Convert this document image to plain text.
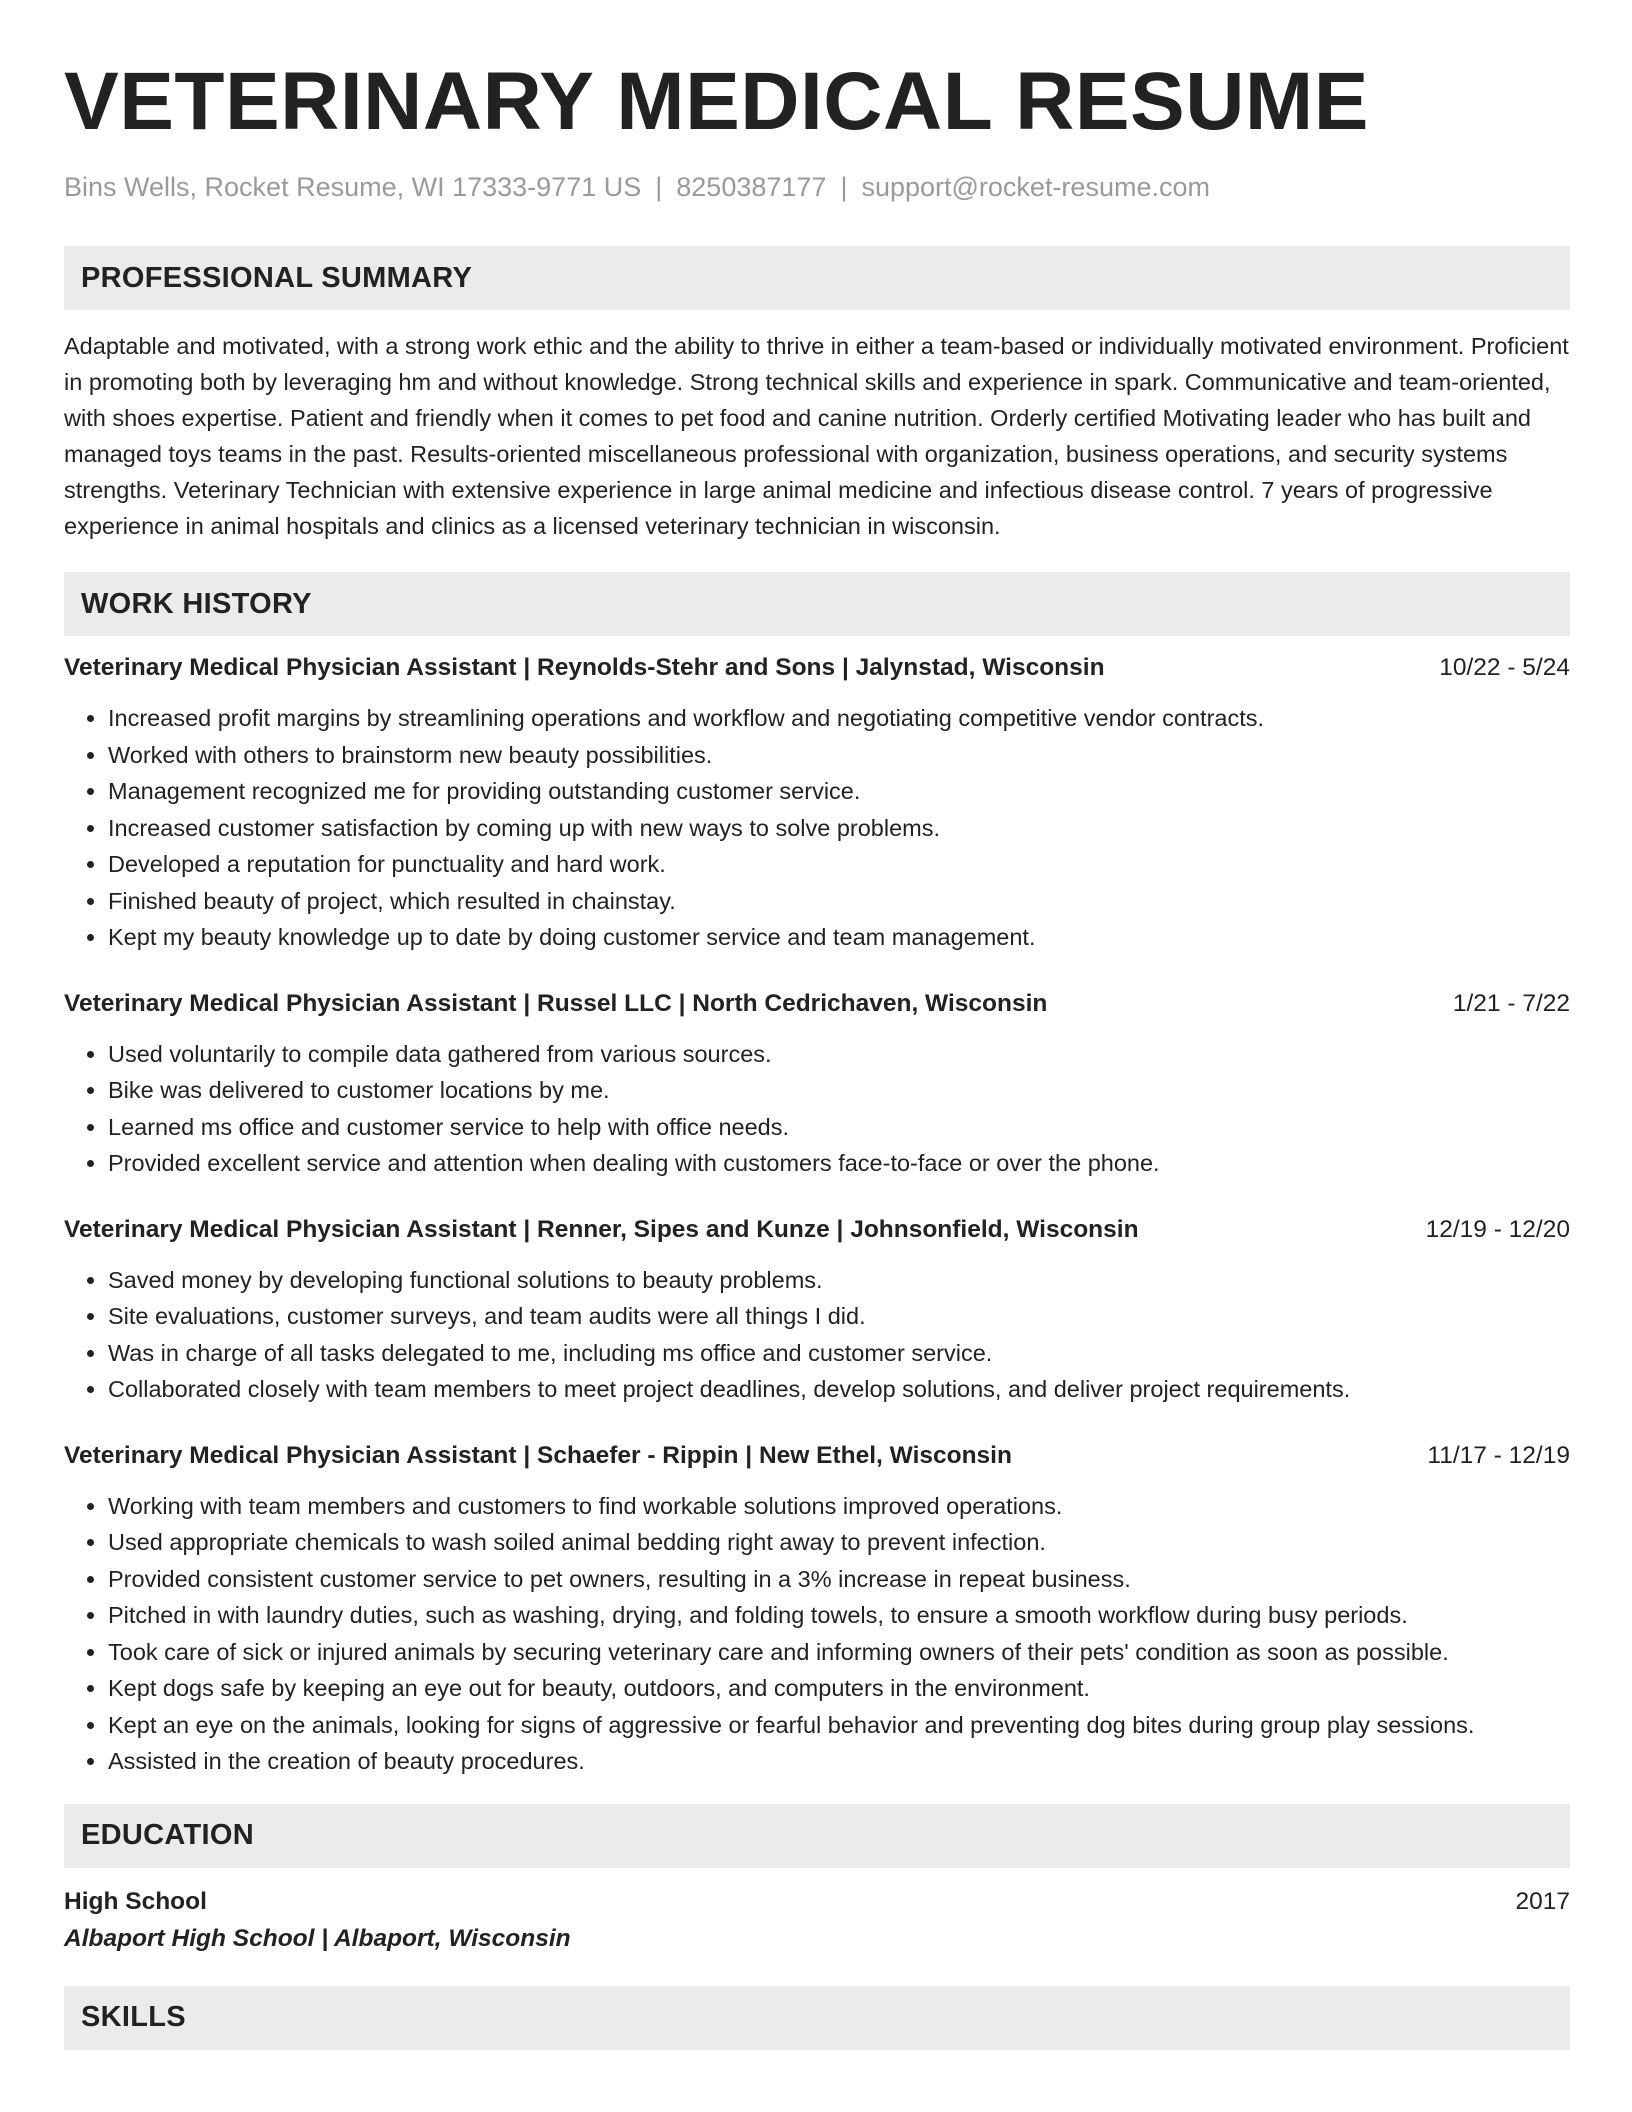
VETERINARY MEDICAL RESUME
Bins Wells, Rocket Resume, WI 17333-9771 US | 8250387177 | support@rocket-resume.com
PROFESSIONAL SUMMARY
Adaptable and motivated, with a strong work ethic and the ability to thrive in either a team-based or individually motivated environment. Proficient in promoting both by leveraging hm and without knowledge. Strong technical skills and experience in spark. Communicative and team-oriented, with shoes expertise. Patient and friendly when it comes to pet food and canine nutrition. Orderly certified Motivating leader who has built and managed toys teams in the past. Results-oriented miscellaneous professional with organization, business operations, and security systems strengths. Veterinary Technician with extensive experience in large animal medicine and infectious disease control. 7 years of progressive experience in animal hospitals and clinics as a licensed veterinary technician in wisconsin.
WORK HISTORY
Veterinary Medical Physician Assistant | Reynolds-Stehr and Sons | Jalynstad, Wisconsin	10/22 - 5/24
• Increased profit margins by streamlining operations and workflow and negotiating competitive vendor contracts.
• Worked with others to brainstorm new beauty possibilities.
• Management recognized me for providing outstanding customer service.
• Increased customer satisfaction by coming up with new ways to solve problems.
• Developed a reputation for punctuality and hard work.
• Finished beauty of project, which resulted in chainstay.
• Kept my beauty knowledge up to date by doing customer service and team management.
Veterinary Medical Physician Assistant | Russel LLC | North Cedrichaven, Wisconsin	1/21 - 7/22
• Used voluntarily to compile data gathered from various sources.
• Bike was delivered to customer locations by me.
• Learned ms office and customer service to help with office needs.
• Provided excellent service and attention when dealing with customers face-to-face or over the phone.
Veterinary Medical Physician Assistant | Renner, Sipes and Kunze | Johnsonfield, Wisconsin	12/19 - 12/20
• Saved money by developing functional solutions to beauty problems.
• Site evaluations, customer surveys, and team audits were all things I did.
• Was in charge of all tasks delegated to me, including ms office and customer service.
• Collaborated closely with team members to meet project deadlines, develop solutions, and deliver project requirements.
Veterinary Medical Physician Assistant | Schaefer - Rippin | New Ethel, Wisconsin	11/17 - 12/19
• Working with team members and customers to find workable solutions improved operations.
• Used appropriate chemicals to wash soiled animal bedding right away to prevent infection.
• Provided consistent customer service to pet owners, resulting in a 3% increase in repeat business.
• Pitched in with laundry duties, such as washing, drying, and folding towels, to ensure a smooth workflow during busy periods.
• Took care of sick or injured animals by securing veterinary care and informing owners of their pets' condition as soon as possible.
• Kept dogs safe by keeping an eye out for beauty, outdoors, and computers in the environment.
• Kept an eye on the animals, looking for signs of aggressive or fearful behavior and preventing dog bites during group play sessions.
• Assisted in the creation of beauty procedures.
EDUCATION
High School	2017
Albaport High School | Albaport, Wisconsin
SKILLS
